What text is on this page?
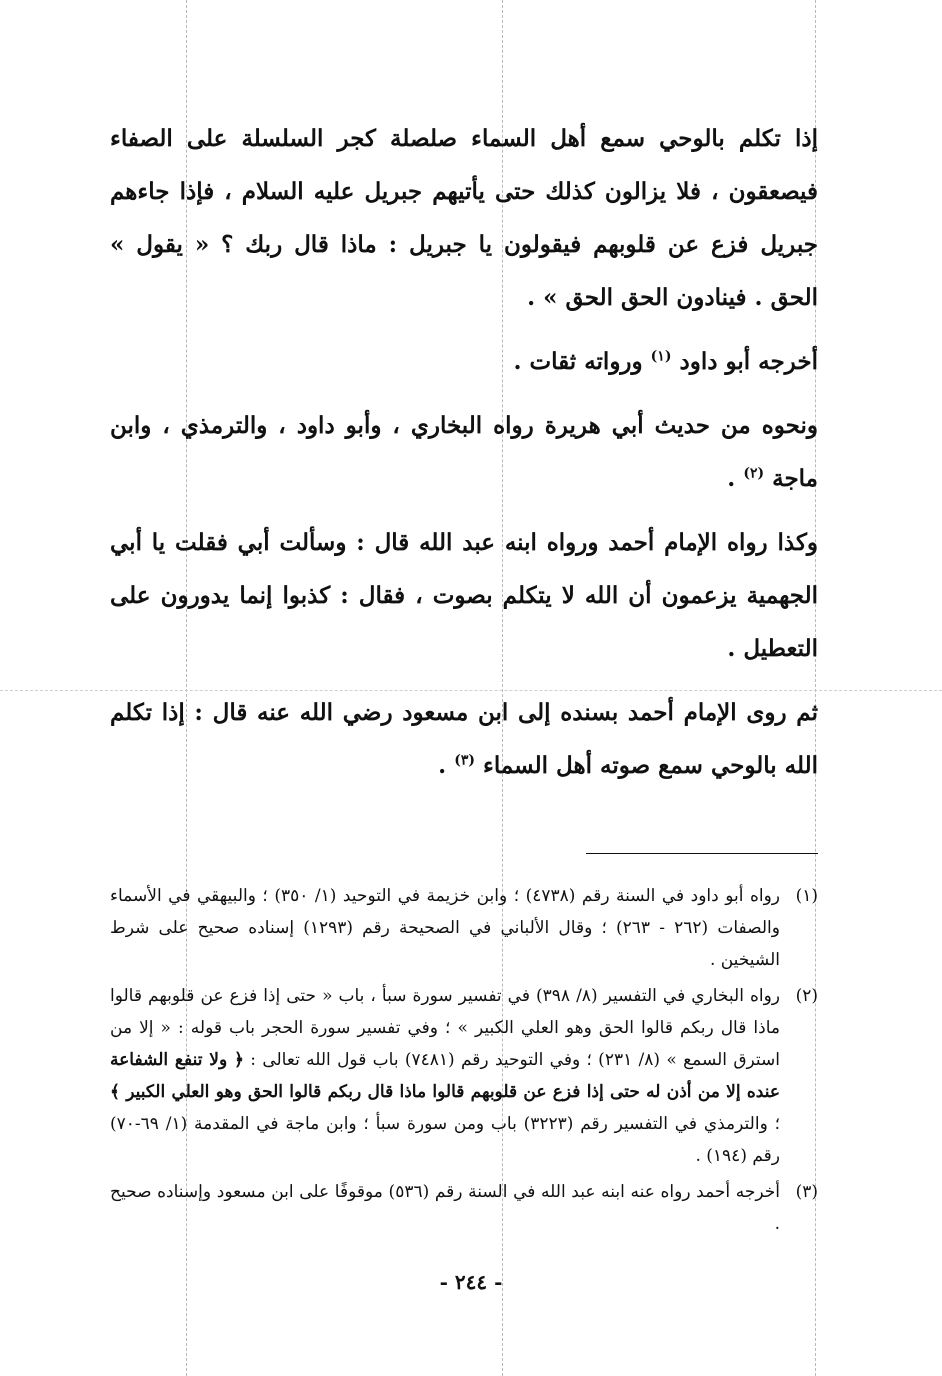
إذا تكلم بالوحي سمع أهل السماء صلصلة كجر السلسلة على الصفاء فيصعقون ، فلا يزالون كذلك حتى يأتيهم جبريل عليه السلام ، فإذا جاءهم جبريل فزع عن قلوبهم فيقولون يا جبريل : ماذا قال ربك ؟ « يقول » الحق . فينادون الحق الحق » .

أخرجه أبو داود $^{(١)}$ ورواته ثقات .

ونحوه من حديث أبي هريرة رواه البخاري ، وأبو داود ، والترمذي ، وابن ماجة $^{(٢)}$ .

وكذا رواه الإمام أحمد ورواه ابنه عبد الله قال : وسألت أبي فقلت يا أبي الجهمية يزعمون أن الله لا يتكلم بصوت ، فقال : كذبوا إنما يدورون على التعطيل .

ثم روى الإمام أحمد بسنده إلى ابن مسعود رضي الله عنه قال : إذا تكلم الله بالوحي سمع صوته أهل السماء $^{(٣)}$ .

(١)
رواه أبو داود في السنة رقم (٤٧٣٨) ؛ وابن خزيمة في التوحيد (١/ ٣٥٠) ؛ والبيهقي في الأسماء والصفات (٢٦٢ - ٢٦٣) ؛ وقال الألباني في الصحيحة رقم (١٢٩٣) إسناده صحيح على شرط الشيخين .
(٢)
رواه البخاري في التفسير (٨/ ٣٩٨) في تفسير سورة سبأ ، باب « حتى إذا فزع عن قلوبهم قالوا ماذا قال ربكم قالوا الحق وهو العلي الكبير » ؛ وفي تفسير سورة الحجر باب قوله : « إلا من استرق السمع » (٨/ ٢٣١) ؛ وفي التوحيد رقم (٧٤٨١) باب قول الله تعالى : ﴿ ولا تنفع الشفاعة عنده إلا من أذن له حتى إذا فزع عن قلوبهم قالوا ماذا قال ربكم قالوا الحق وهو العلي الكبير ﴾ ؛ والترمذي في التفسير رقم (٣٢٢٣) باب ومن سورة سبأ ؛ وابن ماجة في المقدمة (١/ ٦٩-٧٠) رقم (١٩٤) .
(٣)
أخرجه أحمد رواه عنه ابنه عبد الله في السنة رقم (٥٣٦) موقوفًا على ابن مسعود وإسناده صحيح .
- ٢٤٤ -
